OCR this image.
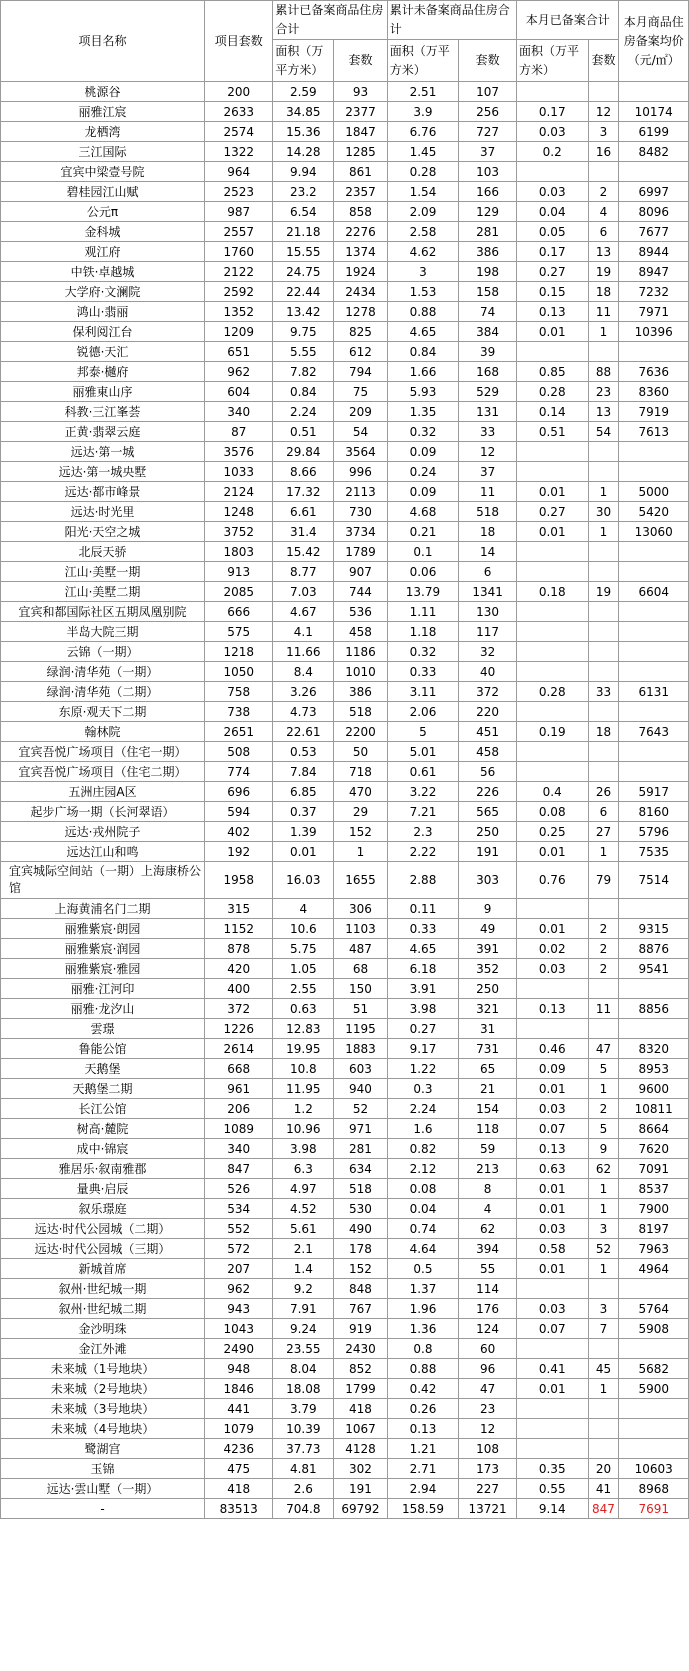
项目名称	项目套数	累计已备案商品住房合计		累计未备案商品住房合计		本月已备案合计		本月商品住房备案均价（元/㎡）
		面积（万平方米）	套数	面积（万平方米）	套数	面积（万平方米）	套数	
桃源谷	200	2.59	93	2.51	107			
丽雅江宸	2633	34.85	2377	3.9	256	0.17	12	10174
龙栖湾	2574	15.36	1847	6.76	727	0.03	3	6199
三江国际	1322	14.28	1285	1.45	37	0.2	16	8482
宜宾中梁壹号院	964	9.94	861	0.28	103			
碧桂园江山赋	2523	23.2	2357	1.54	166	0.03	2	6997
公元π	987	6.54	858	2.09	129	0.04	4	8096
金科城	2557	21.18	2276	2.58	281	0.05	6	7677
观江府	1760	15.55	1374	4.62	386	0.17	13	8944
中铁·卓越城	2122	24.75	1924	3	198	0.27	19	8947
大学府·文澜院	2592	22.44	2434	1.53	158	0.15	18	7232
鸿山·翡丽	1352	13.42	1278	0.88	74	0.13	11	7971
保利阅江台	1209	9.75	825	4.65	384	0.01	1	10396
锐德·天汇	651	5.55	612	0.84	39			
邦泰·樾府	962	7.82	794	1.66	168	0.85	88	7636
丽雅東山序	604	0.84	75	5.93	529	0.28	23	8360
科教·三江峯荟	340	2.24	209	1.35	131	0.14	13	7919
正黄·翡翠云庭	87	0.51	54	0.32	33	0.51	54	7613
远达·第一城	3576	29.84	3564	0.09	12			
远达·第一城央墅	1033	8.66	996	0.24	37			
远达·都市峰景	2124	17.32	2113	0.09	11	0.01	1	5000
远达·时光里	1248	6.61	730	4.68	518	0.27	30	5420
阳光·天空之城	3752	31.4	3734	0.21	18	0.01	1	13060
北辰天骄	1803	15.42	1789	0.1	14			
江山·美墅一期	913	8.77	907	0.06	6			
江山·美墅二期	2085	7.03	744	13.79	1341	0.18	19	6604
宜宾和都国际社区五期凤凰别院	666	4.67	536	1.11	130			
半岛大院三期	575	4.1	458	1.18	117			
云锦（一期）	1218	11.66	1186	0.32	32			
绿润·清华苑（一期）	1050	8.4	1010	0.33	40			
绿润·清华苑（二期）	758	3.26	386	3.11	372	0.28	33	6131
东原·观天下二期	738	4.73	518	2.06	220			
翰林院	2651	22.61	2200	5	451	0.19	18	7643
宜宾吾悦广场项目（住宅一期）	508	0.53	50	5.01	458			
宜宾吾悦广场项目（住宅二期）	774	7.84	718	0.61	56			
五洲庄园A区	696	6.85	470	3.22	226	0.4	26	5917
起步广场一期（长河翠语）	594	0.37	29	7.21	565	0.08	6	8160
远达·戎州院子	402	1.39	152	2.3	250	0.25	27	5796
远达江山和鸣	192	0.01	1	2.22	191	0.01	1	7535
宜宾城际空间站（一期）上海康桥公馆	1958	16.03	1655	2.88	303	0.76	79	7514
上海黄浦名门二期	315	4	306	0.11	9			
丽雅紫宸·朗园	1152	10.6	1103	0.33	49	0.01	2	9315
丽雅紫宸·润园	878	5.75	487	4.65	391	0.02	2	8876
丽雅紫宸·雅园	420	1.05	68	6.18	352	0.03	2	9541
丽雅·江河印	400	2.55	150	3.91	250			
丽雅·龙汐山	372	0.63	51	3.98	321	0.13	11	8856
雲璟	1226	12.83	1195	0.27	31			
鲁能公馆	2614	19.95	1883	9.17	731	0.46	47	8320
天鹅堡	668	10.8	603	1.22	65	0.09	5	8953
天鹅堡二期	961	11.95	940	0.3	21	0.01	1	9600
长江公馆	206	1.2	52	2.24	154	0.03	2	10811
树高·麓院	1089	10.96	971	1.6	118	0.07	5	8664
成中·锦宸	340	3.98	281	0.82	59	0.13	9	7620
雅居乐·叙南雅郡	847	6.3	634	2.12	213	0.63	62	7091
量典·启辰	526	4.97	518	0.08	8	0.01	1	8537
叙乐璟庭	534	4.52	530	0.04	4	0.01	1	7900
远达·时代公园城（二期）	552	5.61	490	0.74	62	0.03	3	8197
远达·时代公园城（三期）	572	2.1	178	4.64	394	0.58	52	7963
新城首席	207	1.4	152	0.5	55	0.01	1	4964
叙州·世纪城一期	962	9.2	848	1.37	114			
叙州·世纪城二期	943	7.91	767	1.96	176	0.03	3	5764
金沙明珠	1043	9.24	919	1.36	124	0.07	7	5908
金江外滩	2490	23.55	2430	0.8	60			
未来城（1号地块）	948	8.04	852	0.88	96	0.41	45	5682
未来城（2号地块）	1846	18.08	1799	0.42	47	0.01	1	5900
未来城（3号地块）	441	3.79	418	0.26	23			
未来城（4号地块）	1079	10.39	1067	0.13	12			
鹭湖宫	4236	37.73	4128	1.21	108			
玉锦	475	4.81	302	2.71	173	0.35	20	10603
远达·雲山墅（一期）	418	2.6	191	2.94	227	0.55	41	8968
-	83513	704.8	69792	158.59	13721	9.14	847	7691
